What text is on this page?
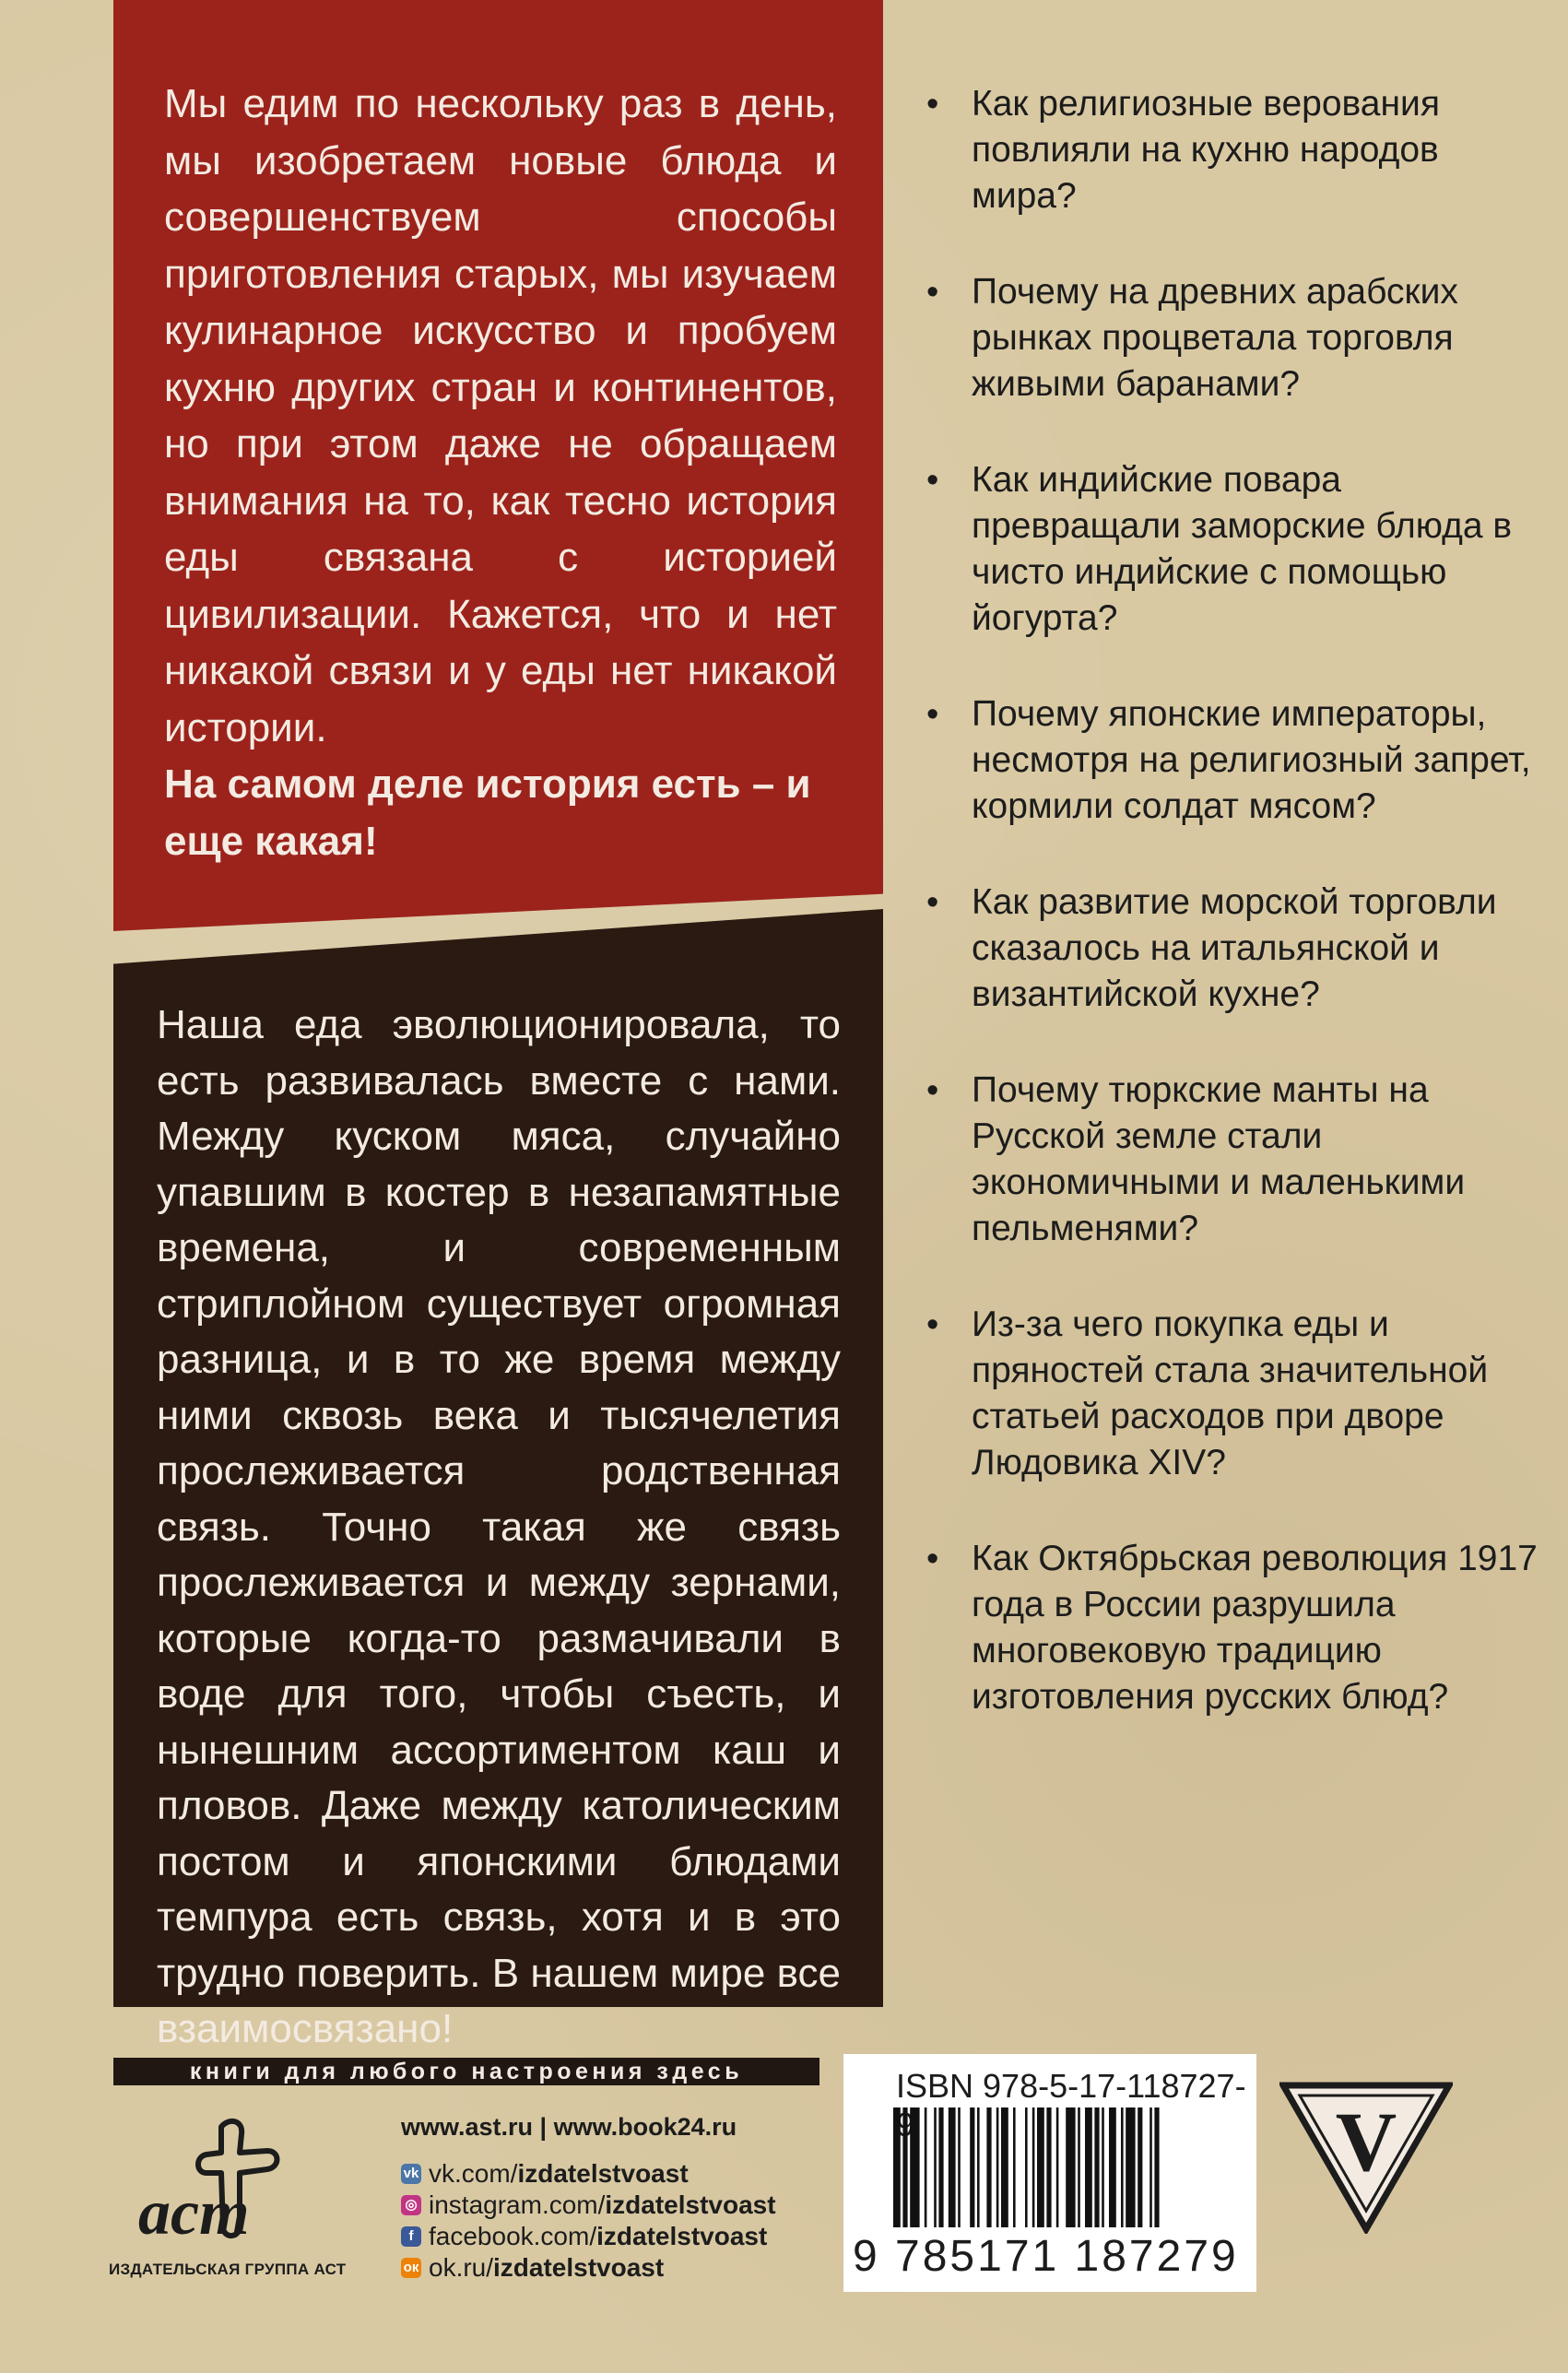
Мы едим по нескольку раз в день, мы изобретаем новые блюда и совершенствуем способы приготовления старых, мы изучаем кулинарное искусство и пробуем кухню других стран и континентов, но при этом даже не обращаем внимания на то, как тесно история еды связана с историей цивилизации. Кажется, что и нет никакой связи и у еды нет никакой истории.
На самом деле история есть – и еще какая!
Наша еда эволюционировала, то есть развивалась вместе с нами. Между куском мяса, случайно упавшим в костер в незапамятные времена, и современным стриплойном существует огромная разница, и в то же время между ними сквозь века и тысячелетия прослеживается родственная связь. Точно такая же связь прослеживается и между зернами, которые когда-то размачивали в воде для того, чтобы съесть, и нынешним ассортиментом каш и пловов. Даже между католическим постом и японскими блюдами темпура есть связь, хотя и в это трудно поверить. В нашем мире все взаимосвязано!
• Как религиозные верования повлияли на кухню народов мира?
• Почему на древних арабских рынках процветала торговля живыми баранами?
• Как индийские повара превращали заморские блюда в чисто индийские с помощью йогурта?
• Почему японские императоры, несмотря на религиозный запрет, кормили солдат мясом?
• Как развитие морской торговли сказалось на итальянской и византийской кухне?
• Почему тюркские манты на Русской земле стали экономичными и маленькими пельменями?
• Из-за чего покупка еды и пряностей стала значительной статьей расходов при дворе Людовика XIV?
• Как Октябрьская революция 1917 года в России разрушила многовековую традицию изготовления русских блюд?
книги для любого настроения здесь
аст
ИЗДАТЕЛЬСКАЯ ГРУППА АСТ
www.ast.ru | www.book24.ru
vk vk.com/ izdatelstvoast
◎ instagram.com/ izdatelstvoast
f facebook.com/ izdatelstvoast
ок ok.ru/ izdatelstvoast
ISBN 978-5-17-118727-
9 785171 187279
V
